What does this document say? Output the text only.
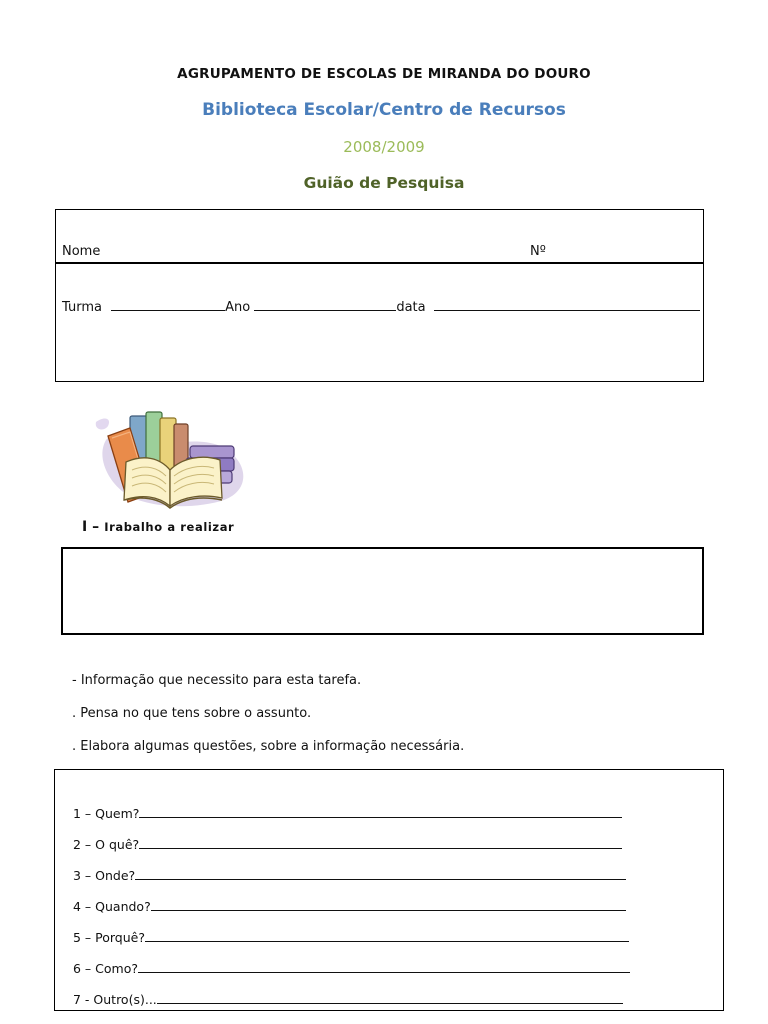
AGRUPAMENTO DE ESCOLAS DE MIRANDA DO DOURO
Biblioteca Escolar/Centro de Recursos
2008/2009
Guião de Pesquisa
Nome	Nº
Turma	Ano	data
I – Irabalho a realizar
- Informação que necessito para esta tarefa.
. Pensa no que tens sobre o assunto.
. Elabora algumas questões, sobre a informação necessária.
1 – Quem?
2 – O quê?
3 – Onde?
4 – Quando?
5 – Porquê?
6 – Como?
7 - Outro(s)...
